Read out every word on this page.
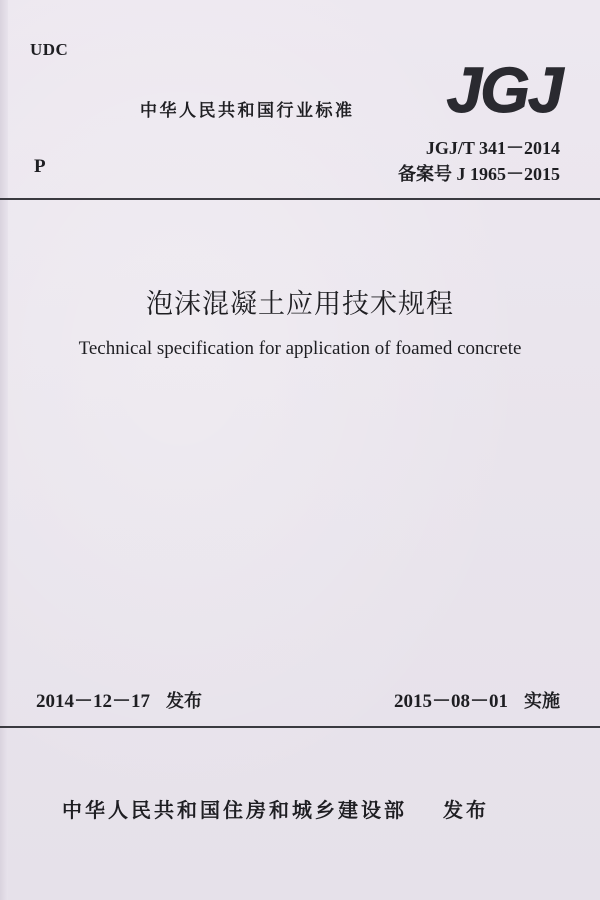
UDC
中华人民共和国行业标准 JGJ
JGJ/T 341－2014
P	备案号 J 1965－2015
泡沫混凝土应用技术规程
Technical specification for application of foamed concrete
2014－12－17 发布	2015－08－01 实施
中华人民共和国住房和城乡建设部 发布
